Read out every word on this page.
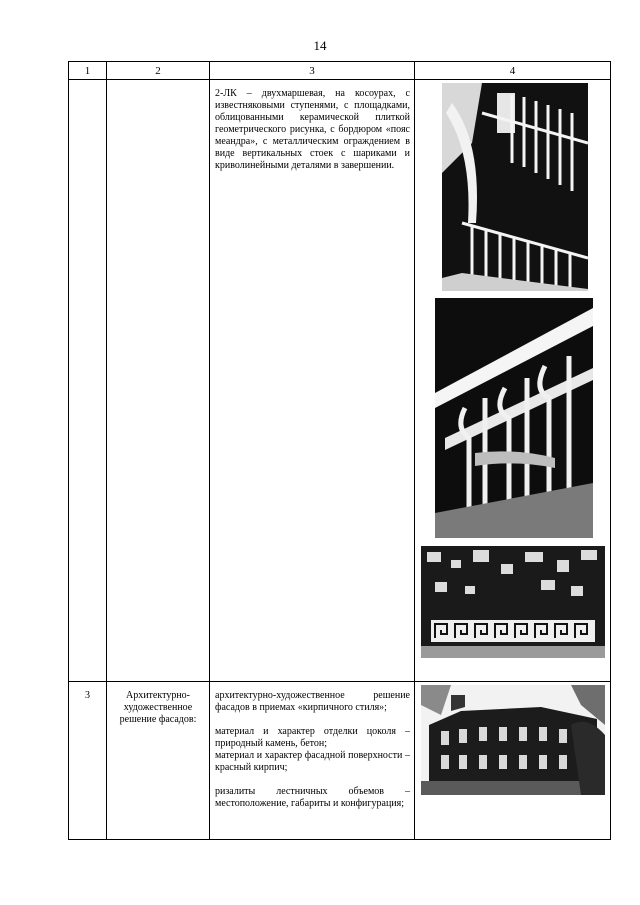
14
1	2	3	4

		2-ЛК – двухмаршевая, на косоурах, с известняковыми ступенями, с площадками, облицованными керамической плиткой геометрического рисунка, с бордюром «пояс меандра», с металлическим ограждением в виде вертикальных стоек с шариками и криволинейными деталями в завершении.

3	Архитектурно-художественное решение фасадов:	архитектурно-художественное решение фасадов в приемах «кирпичного стиля»;

материал и характер отделки цоколя – природный камень, бетон;

материал и характер фасадной поверхности – красный кирпич;

ризалиты лестничных объемов – местоположение, габариты и конфигурация;
